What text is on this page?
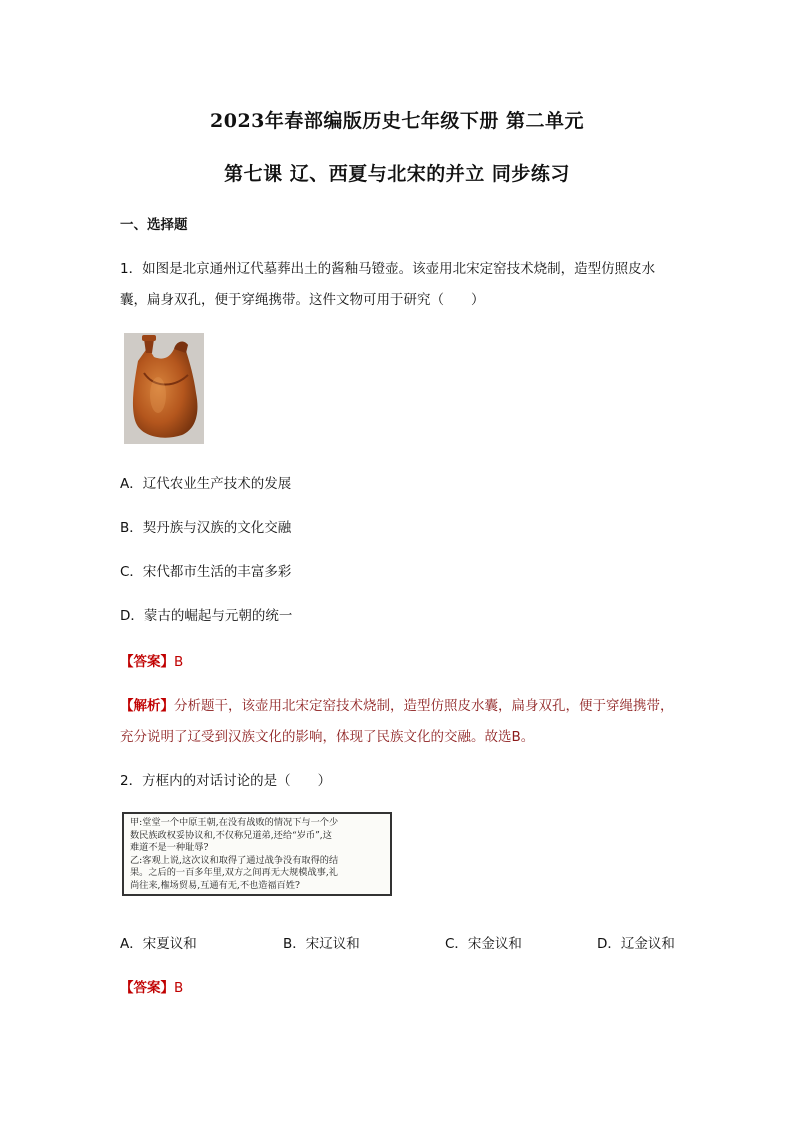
2023年春部编版历史七年级下册 第二单元
第七课 辽、西夏与北宋的并立 同步练习
一、选择题
1．如图是北京通州辽代墓葬出土的酱釉马镫壶。该壶用北宋定窑技术烧制，造型仿照皮水
囊，扁身双孔，便于穿绳携带。这件文物可用于研究（　　）
A．辽代农业生产技术的发展
B．契丹族与汉族的文化交融
C．宋代都市生活的丰富多彩
D．蒙古的崛起与元朝的统一
【答案】B
【解析】分析题干，该壶用北宋定窑技术烧制，造型仿照皮水囊，扁身双孔，便于穿绳携带，
充分说明了辽受到汉族文化的影响，体现了民族文化的交融。故选B。
2．方框内的对话讨论的是（　　）
甲:堂堂一个中原王朝,在没有战败的情况下与一个少
数民族政权妥协议和,不仅称兄道弟,还给“岁币”,这
难道不是一种耻辱?
乙:客观上说,这次议和取得了通过战争没有取得的结
果。之后的一百多年里,双方之间再无大规模战事,礼
尚往来,権场贸易,互通有无,不也造福百姓?
A．宋夏议和	B．宋辽议和	C．宋金议和	D．辽金议和
【答案】B
